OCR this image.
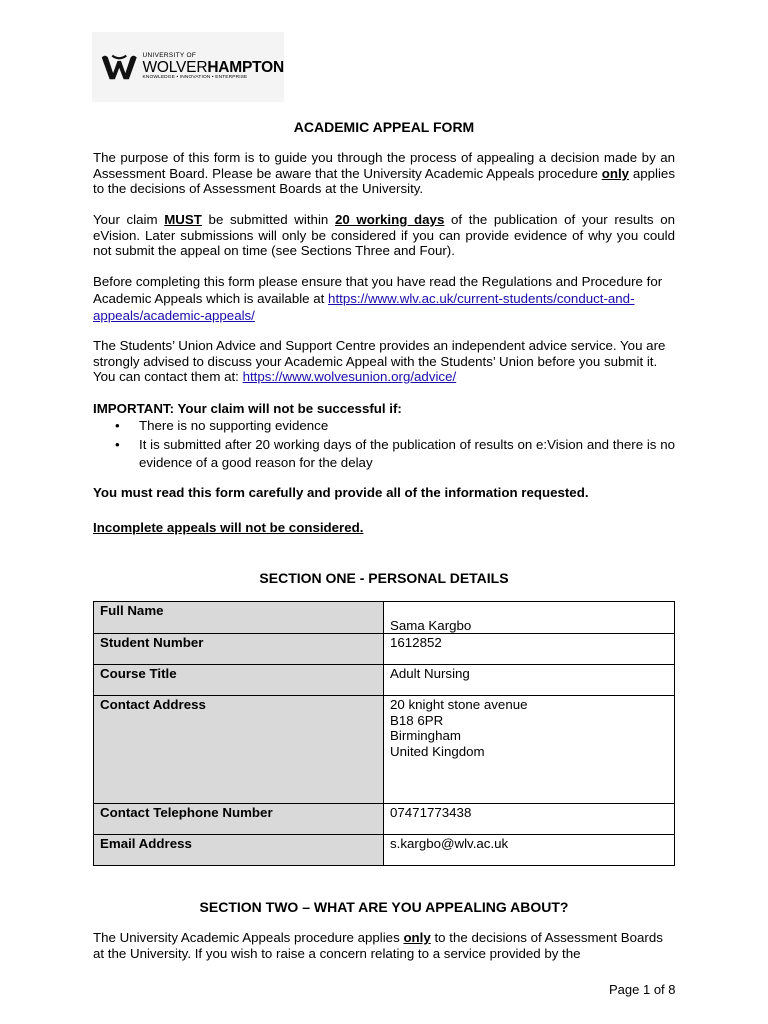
UNIVERSITY OF
WOLVERHAMPTON
KNOWLEDGE • INNOVATION • ENTERPRISE
ACADEMIC APPEAL FORM

The purpose of this form is to guide you through the process of appealing a decision made by an Assessment Board. Please be aware that the University Academic Appeals procedure only applies to the decisions of Assessment Boards at the University.

Your claim MUST be submitted within 20 working days of the publication of your results on eVision. Later submissions will only be considered if you can provide evidence of why you could not submit the appeal on time (see Sections Three and Four).

Before completing this form please ensure that you have read the Regulations and Procedure for Academic Appeals which is available at https://www.wlv.ac.uk/current-students/conduct-and-appeals/academic-appeals/

The Students’ Union Advice and Support Centre provides an independent advice service. You are strongly advised to discuss your Academic Appeal with the Students’ Union before you submit it. You can contact them at: https://www.wolvesunion.org/advice/

IMPORTANT: Your claim will not be successful if:

• There is no supporting evidence
• It is submitted after 20 working days of the publication of results on e:Vision and there is no evidence of a good reason for the delay

You must read this form carefully and provide all of the information requested.

Incomplete appeals will not be considered.

SECTION ONE - PERSONAL DETAILS
Full Name	Sama Kargbo
Student Number	1612852
Course Title	Adult Nursing
Contact Address	20 knight stone avenue
B18 6PR
Birmingham
United Kingdom

Contact Telephone Number	07471773438
Email Address	s.kargbo@wlv.ac.uk
SECTION TWO – WHAT ARE YOU APPEALING ABOUT?

The University Academic Appeals procedure applies only to the decisions of Assessment Boards at the University. If you wish to raise a concern relating to a service provided by the

Page 1 of 8
